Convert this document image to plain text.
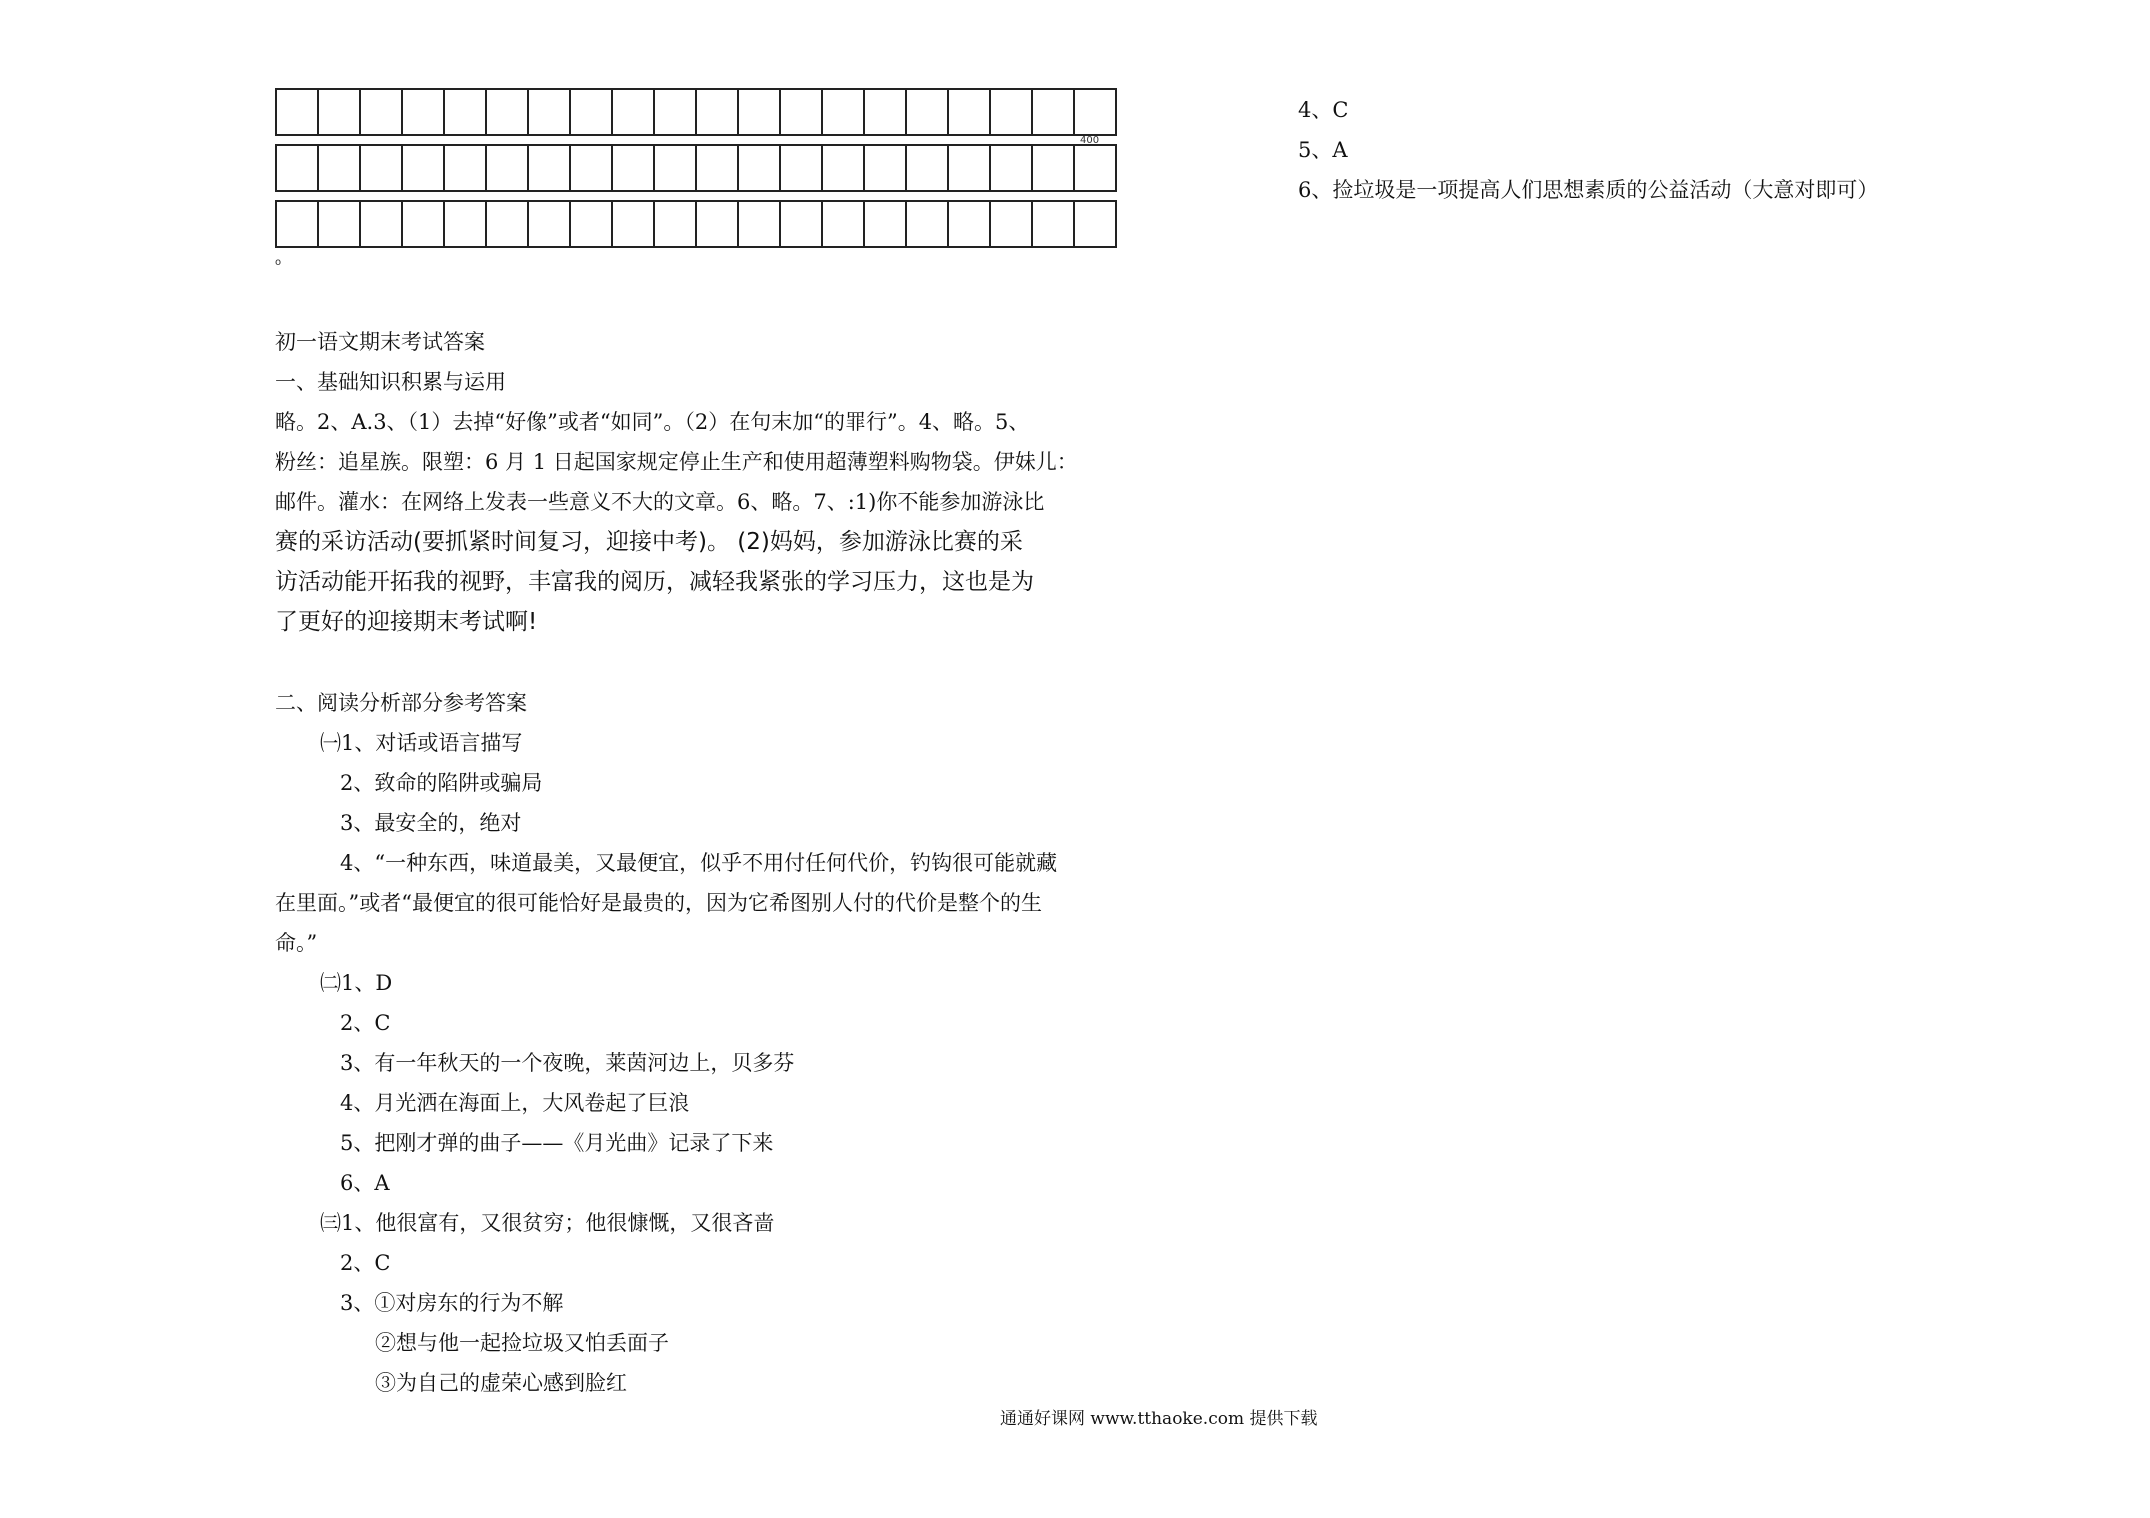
400
o
初一语文期末考试答案
一、基础知识积累与运用
略。2、A.3、（1）去掉“好像”或者“如同”。（2）在句末加“的罪行”。4、略。5、
粉丝：追星族。限塑：6 月 1 日起国家规定停止生产和使用超薄塑料购物袋。伊妹儿：
邮件。灌水：在网络上发表一些意义不大的文章。6、略。7、:1)你不能参加游泳比
赛的采访活动(要抓紧时间复习，迎接中考)。 (2)妈妈，参加游泳比赛的采
访活动能开拓我的视野，丰富我的阅历，减轻我紧张的学习压力，这也是为
了更好的迎接期末考试啊!
二、阅读分析部分参考答案
㈠1、对话或语言描写
2、致命的陷阱或骗局
3、最安全的，绝对
4、“一种东西，味道最美，又最便宜，似乎不用付任何代价，钓钩很可能就藏
在里面。”或者“最便宜的很可能恰好是最贵的，因为它希图别人付的代价是整个的生
命。”
㈡1、D
2、C
3、有一年秋天的一个夜晚，莱茵河边上，贝多芬
4、月光洒在海面上，大风卷起了巨浪
5、把刚才弹的曲子——《月光曲》记录了下来
6、A
㈢1、他很富有，又很贫穷；他很慷慨，又很吝啬
2、C
3、①对房东的行为不解
②想与他一起捡垃圾又怕丢面子
③为自己的虚荣心感到脸红
4、C
5、A
6、捡垃圾是一项提高人们思想素质的公益活动（大意对即可）
通通好课网 www.tthaoke.com 提供下载
